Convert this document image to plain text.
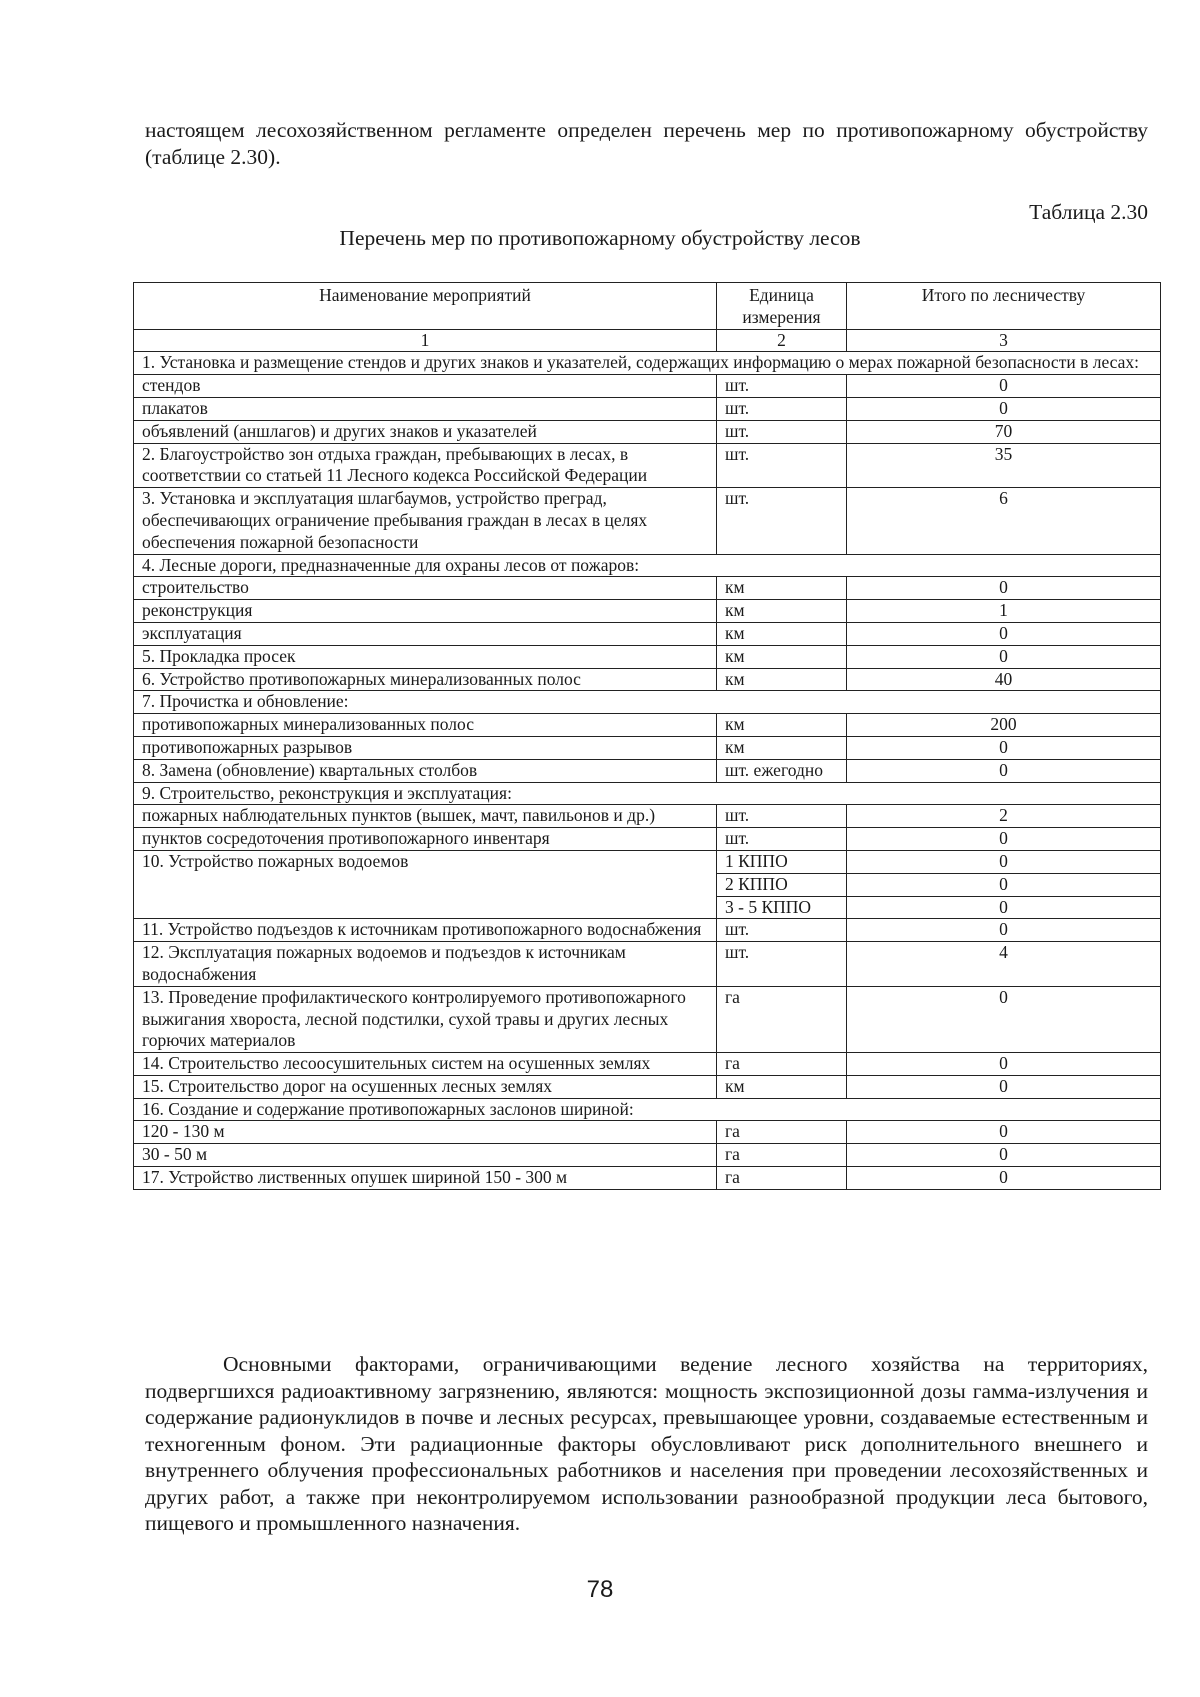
настоящем лесохозяйственном регламенте определен перечень мер по противопожарному обустройству (таблице 2.30).

Таблица 2.30

Перечень мер по противопожарному обустройству лесов

Наименование мероприятий	Единица измерения	Итого по лесничеству
1	2	3
1. Установка и размещение стендов и других знаков и указателей, содержащих информацию о мерах пожарной безопасности в лесах:		
стендов	шт.	0
плакатов	шт.	0
объявлений (аншлагов) и других знаков и указателей	шт.	70
2. Благоустройство зон отдыха граждан, пребывающих в лесах, в соответствии со статьей 11 Лесного кодекса Российской Федерации	шт.	35
3. Установка и эксплуатация шлагбаумов, устройство преград, обеспечивающих ограничение пребывания граждан в лесах в целях обеспечения пожарной безопасности	шт.	6
4. Лесные дороги, предназначенные для охраны лесов от пожаров:		
строительство	км	0
реконструкция	км	1
эксплуатация	км	0
5. Прокладка просек	км	0
6. Устройство противопожарных минерализованных полос	км	40
7. Прочистка и обновление:		
противопожарных минерализованных полос	км	200
противопожарных разрывов	км	0
8. Замена (обновление) квартальных столбов	шт. ежегодно	0
9. Строительство, реконструкция и эксплуатация:		
пожарных наблюдательных пунктов (вышек, мачт, павильонов и др.)	шт.	2
пунктов сосредоточения противопожарного инвентаря	шт.	0
10. Устройство пожарных водоемов	1 КППО	0
	2 КППО	0
	3 - 5 КППО	0
11. Устройство подъездов к источникам противопожарного водоснабжения	шт.	0
12. Эксплуатация пожарных водоемов и подъездов к источникам водоснабжения	шт.	4
13. Проведение профилактического контролируемого противопожарного выжигания хвороста, лесной подстилки, сухой травы и других лесных горючих материалов	га	0
14. Строительство лесоосушительных систем на осушенных землях	га	0
15. Строительство дорог на осушенных лесных землях	км	0
16. Создание и содержание противопожарных заслонов шириной:		
120 - 130 м	га	0
30 - 50 м	га	0
17. Устройство лиственных опушек шириной 150 - 300 м	га	0

Основными факторами, ограничивающими ведение лесного хозяйства на территориях, подвергшихся радиоактивному загрязнению, являются: мощность экспозиционной дозы гамма-излучения и содержание радионуклидов в почве и лесных ресурсах, превышающее уровни, создаваемые естественным и техногенным фоном. Эти радиационные факторы обусловливают риск дополнительного внешнего и внутреннего облучения профессиональных работников и населения при проведении лесохозяйственных и других работ, а также при неконтролируемом использовании разнообразной продукции леса бытового, пищевого и промышленного назначения.

78
